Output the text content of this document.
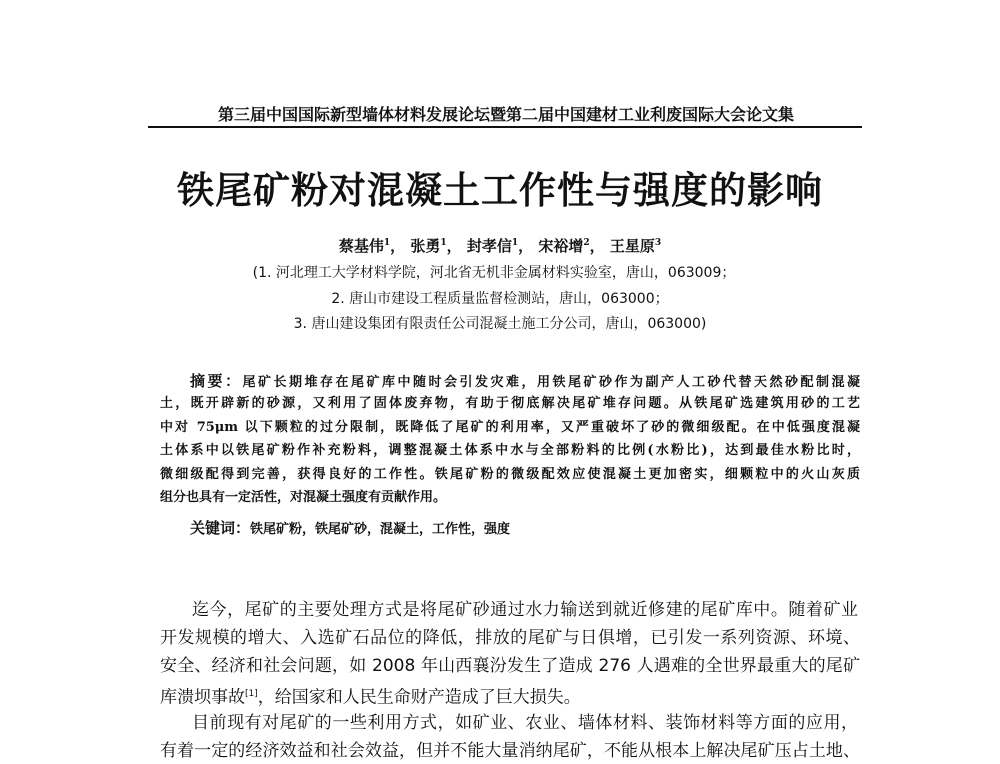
第三届中国国际新型墙体材料发展论坛暨第二届中国建材工业利废国际大会论文集
铁尾矿粉对混凝土工作性与强度的影响
蔡基伟$^1$， 张勇$^1$， 封孝信$^1$， 宋裕增$^2$， 王星原$^3$
(1. 河北理工大学材料学院，河北省无机非金属材料实验室，唐山，063009；
2. 唐山市建设工程质量监督检测站，唐山，063000；
3. 唐山建设集团有限责任公司混凝土施工分公司，唐山，063000)
摘要：尾矿长期堆存在尾矿库中随时会引发灾难，用铁尾矿砂作为副产人工砂代替天然砂配制混凝
土，既开辟新的砂源，又利用了固体废弃物，有助于彻底解决尾矿堆存问题。从铁尾矿选建筑用砂的工艺
中对 75μm 以下颗粒的过分限制，既降低了尾矿的利用率，又严重破坏了砂的微细级配。在中低强度混凝
土体系中以铁尾矿粉作补充粉料，调整混凝土体系中水与全部粉料的比例(水粉比)，达到最佳水粉比时，
微细级配得到完善，获得良好的工作性。铁尾矿粉的微级配效应使混凝土更加密实，细颗粒中的火山灰质
组分也具有一定活性，对混凝土强度有贡献作用。
关键词：铁尾矿粉，铁尾矿砂，混凝土，工作性，强度
迄今，尾矿的主要处理方式是将尾矿砂通过水力输送到就近修建的尾矿库中。随着矿业
开发规模的增大、入选矿石品位的降低，排放的尾矿与日俱增，已引发一系列资源、环境、
安全、经济和社会问题，如 2008 年山西襄汾发生了造成 276 人遇难的全世界最重大的尾矿
库溃坝事故[1]，给国家和人民生命财产造成了巨大损失。
目前现有对尾矿的一些利用方式，如矿业、农业、墙体材料、装饰材料等方面的应用，
有着一定的经济效益和社会效益，但并不能大量消纳尾矿，不能从根本上解决尾矿压占土地、
